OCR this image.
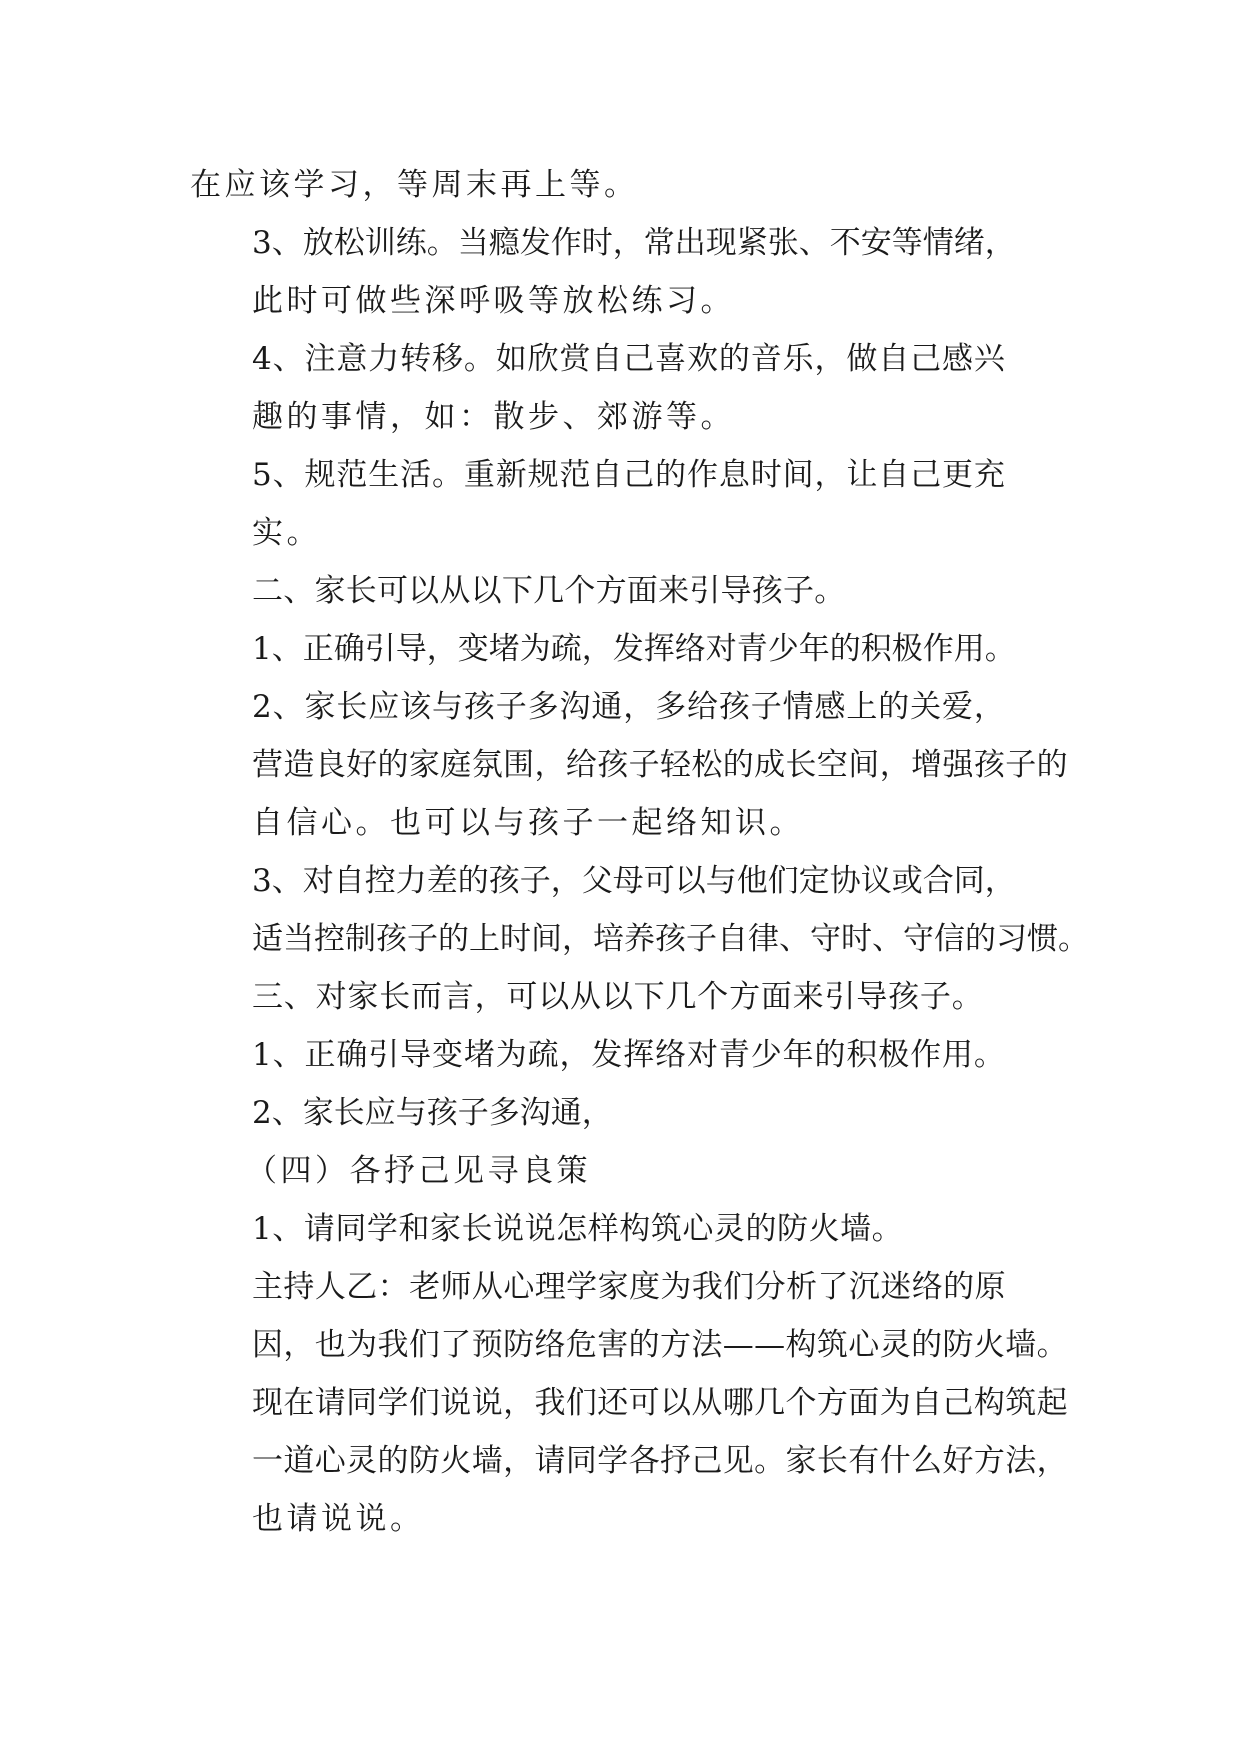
在应该学习，等周末再上等。

3、放松训练。当瘾发作时，常出现紧张、不安等情绪，
此时可做些深呼吸等放松练习。

4、注意力转移。如欣赏自己喜欢的音乐，做自己感兴
趣的事情，如：散步、郊游等。

5、规范生活。重新规范自己的作息时间，让自己更充
实。

二、家长可以从以下几个方面来引导孩子。

1、正确引导，变堵为疏，发挥络对青少年的积极作用。

2、家长应该与孩子多沟通，多给孩子情感上的关爱，
营造良好的家庭氛围，给孩子轻松的成长空间，增强孩子的
自信心。也可以与孩子一起络知识。

3、对自控力差的孩子，父母可以与他们定协议或合同，
适当控制孩子的上时间，培养孩子自律、守时、守信的习惯。

三、对家长而言，可以从以下几个方面来引导孩子。

1、正确引导变堵为疏，发挥络对青少年的积极作用。

2、家长应与孩子多沟通，

（四）各抒己见寻良策

1、请同学和家长说说怎样构筑心灵的防火墙。

主持人乙：老师从心理学家度为我们分析了沉迷络的原
因，也为我们了预防络危害的方法——构筑心灵的防火墙。
现在请同学们说说，我们还可以从哪几个方面为自己构筑起
一道心灵的防火墙，请同学各抒己见。家长有什么好方法，
也请说说。
